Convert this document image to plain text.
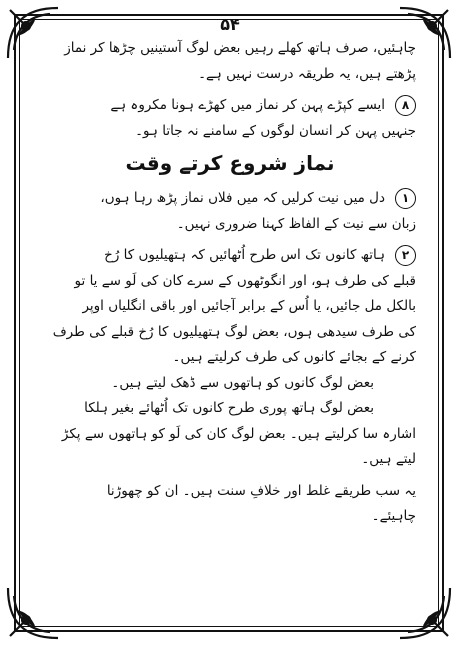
۵۴
چاہئیں، صرف ہاتھ کھلے رہیں بعض لوگ آستینیں چڑھا کر نماز
پڑھتے ہیں، یہ طریقہ درست نہیں ہے۔
۸
ایسے کپڑے پہن کر نماز میں کھڑے ہونا مکروہ ہے
جنہیں پہن کر انسان لوگوں کے سامنے نہ جاتا ہو۔
نماز شروع کرتے وقت
۱
دل میں نیت کرلیں کہ میں فلاں نماز پڑھ رہا ہوں،
زبان سے نیت کے الفاظ کہنا ضروری نہیں۔
۲
ہاتھ کانوں تک اس طرح اُٹھائیں کہ ہتھیلیوں کا رُخ
قبلے کی طرف ہو، اور انگوٹھوں کے سرے کان کی لَو سے یا تو
بالکل مل جائیں، یا اُس کے برابر آجائیں اور باقی انگلیاں اوپر
کی طرف سیدھی ہوں، بعض لوگ ہتھیلیوں کا رُخ قبلے کی طرف
کرنے کے بجائے کانوں کی طرف کرلیتے ہیں۔
بعض لوگ کانوں کو ہاتھوں سے ڈھک لیتے ہیں۔
بعض لوگ ہاتھ پوری طرح کانوں تک اُٹھائے بغیر ہلکا
اشارہ سا کرلیتے ہیں۔ بعض لوگ کان کی لَو کو ہاتھوں سے پکڑ
لیتے ہیں۔
یہ سب طریقے غلط اور خلافِ سنت ہیں۔ ان کو چھوڑنا
چاہیئے۔
